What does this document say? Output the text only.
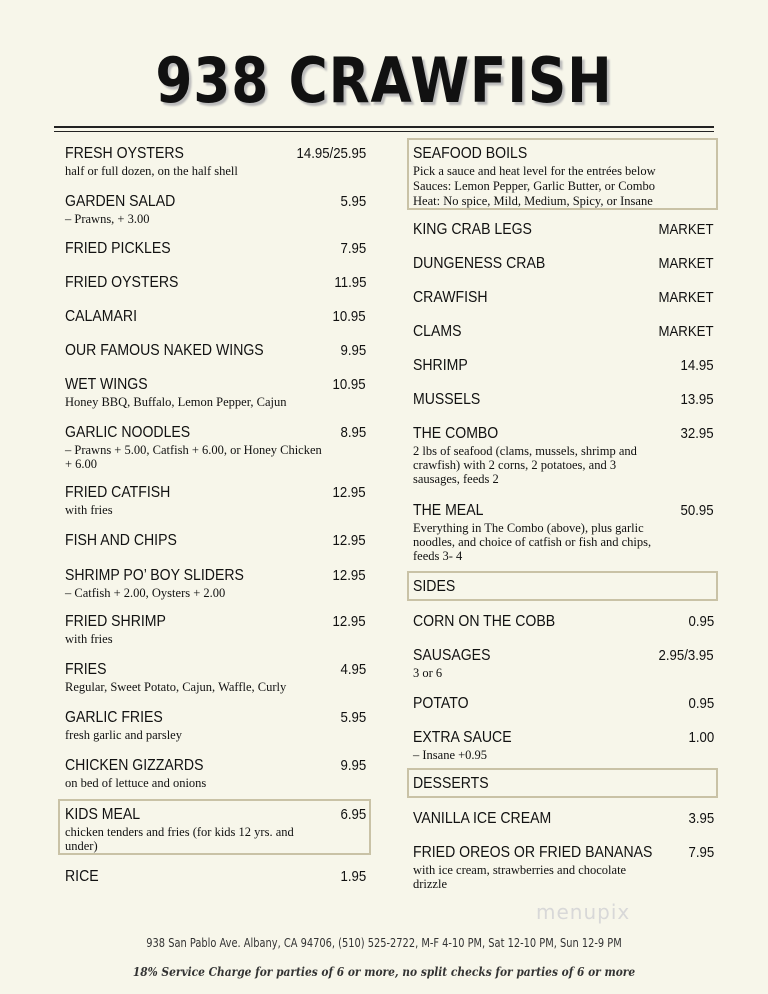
938 CRAWFISH
FRESH OYSTERS	14.95/25.95
half or full dozen, on the half shell
GARDEN SALAD	5.95
– Prawns, + 3.00
FRIED PICKLES	7.95
FRIED OYSTERS	11.95
CALAMARI	10.95
OUR FAMOUS NAKED WINGS	9.95
WET WINGS	10.95
Honey BBQ, Buffalo, Lemon Pepper, Cajun
GARLIC NOODLES	8.95
– Prawns + 5.00, Catfish + 6.00, or Honey Chicken + 6.00
FRIED CATFISH	12.95
with fries
FISH AND CHIPS	12.95
SHRIMP PO’ BOY SLIDERS	12.95
– Catfish + 2.00, Oysters + 2.00
FRIED SHRIMP	12.95
with fries
FRIES	4.95
Regular, Sweet Potato, Cajun, Waffle, Curly
GARLIC FRIES	5.95
fresh garlic and parsley
CHICKEN GIZZARDS	9.95
on bed of lettuce and onions
KIDS MEAL	6.95
chicken tenders and fries (for kids 12 yrs. and under)
RICE	1.95
SEAFOOD BOILS
Pick a sauce and heat level for the entrées below
Sauces: Lemon Pepper, Garlic Butter, or Combo
Heat: No spice, Mild, Medium, Spicy, or Insane
KING CRAB LEGS	MARKET
DUNGENESS CRAB	MARKET
CRAWFISH	MARKET
CLAMS	MARKET
SHRIMP	14.95
MUSSELS	13.95
THE COMBO	32.95
2 lbs of seafood (clams, mussels, shrimp and crawfish) with 2 corns, 2 potatoes, and 3 sausages, feeds 2
THE MEAL	50.95
Everything in The Combo (above), plus garlic noodles, and choice of catfish or fish and chips, feeds 3- 4
SIDES
CORN ON THE COBB	0.95
SAUSAGES	2.95/3.95
3 or 6
POTATO	0.95
EXTRA SAUCE	1.00
– Insane +0.95
DESSERTS
VANILLA ICE CREAM	3.95
FRIED OREOS OR FRIED BANANAS	7.95
with ice cream, strawberries and chocolate drizzle
menupix
938 San Pablo Ave. Albany, CA 94706, (510) 525-2722, M-F 4-10 PM, Sat 12-10 PM, Sun 12-9 PM
18% Service Charge for parties of 6 or more, no split checks for parties of 6 or more
